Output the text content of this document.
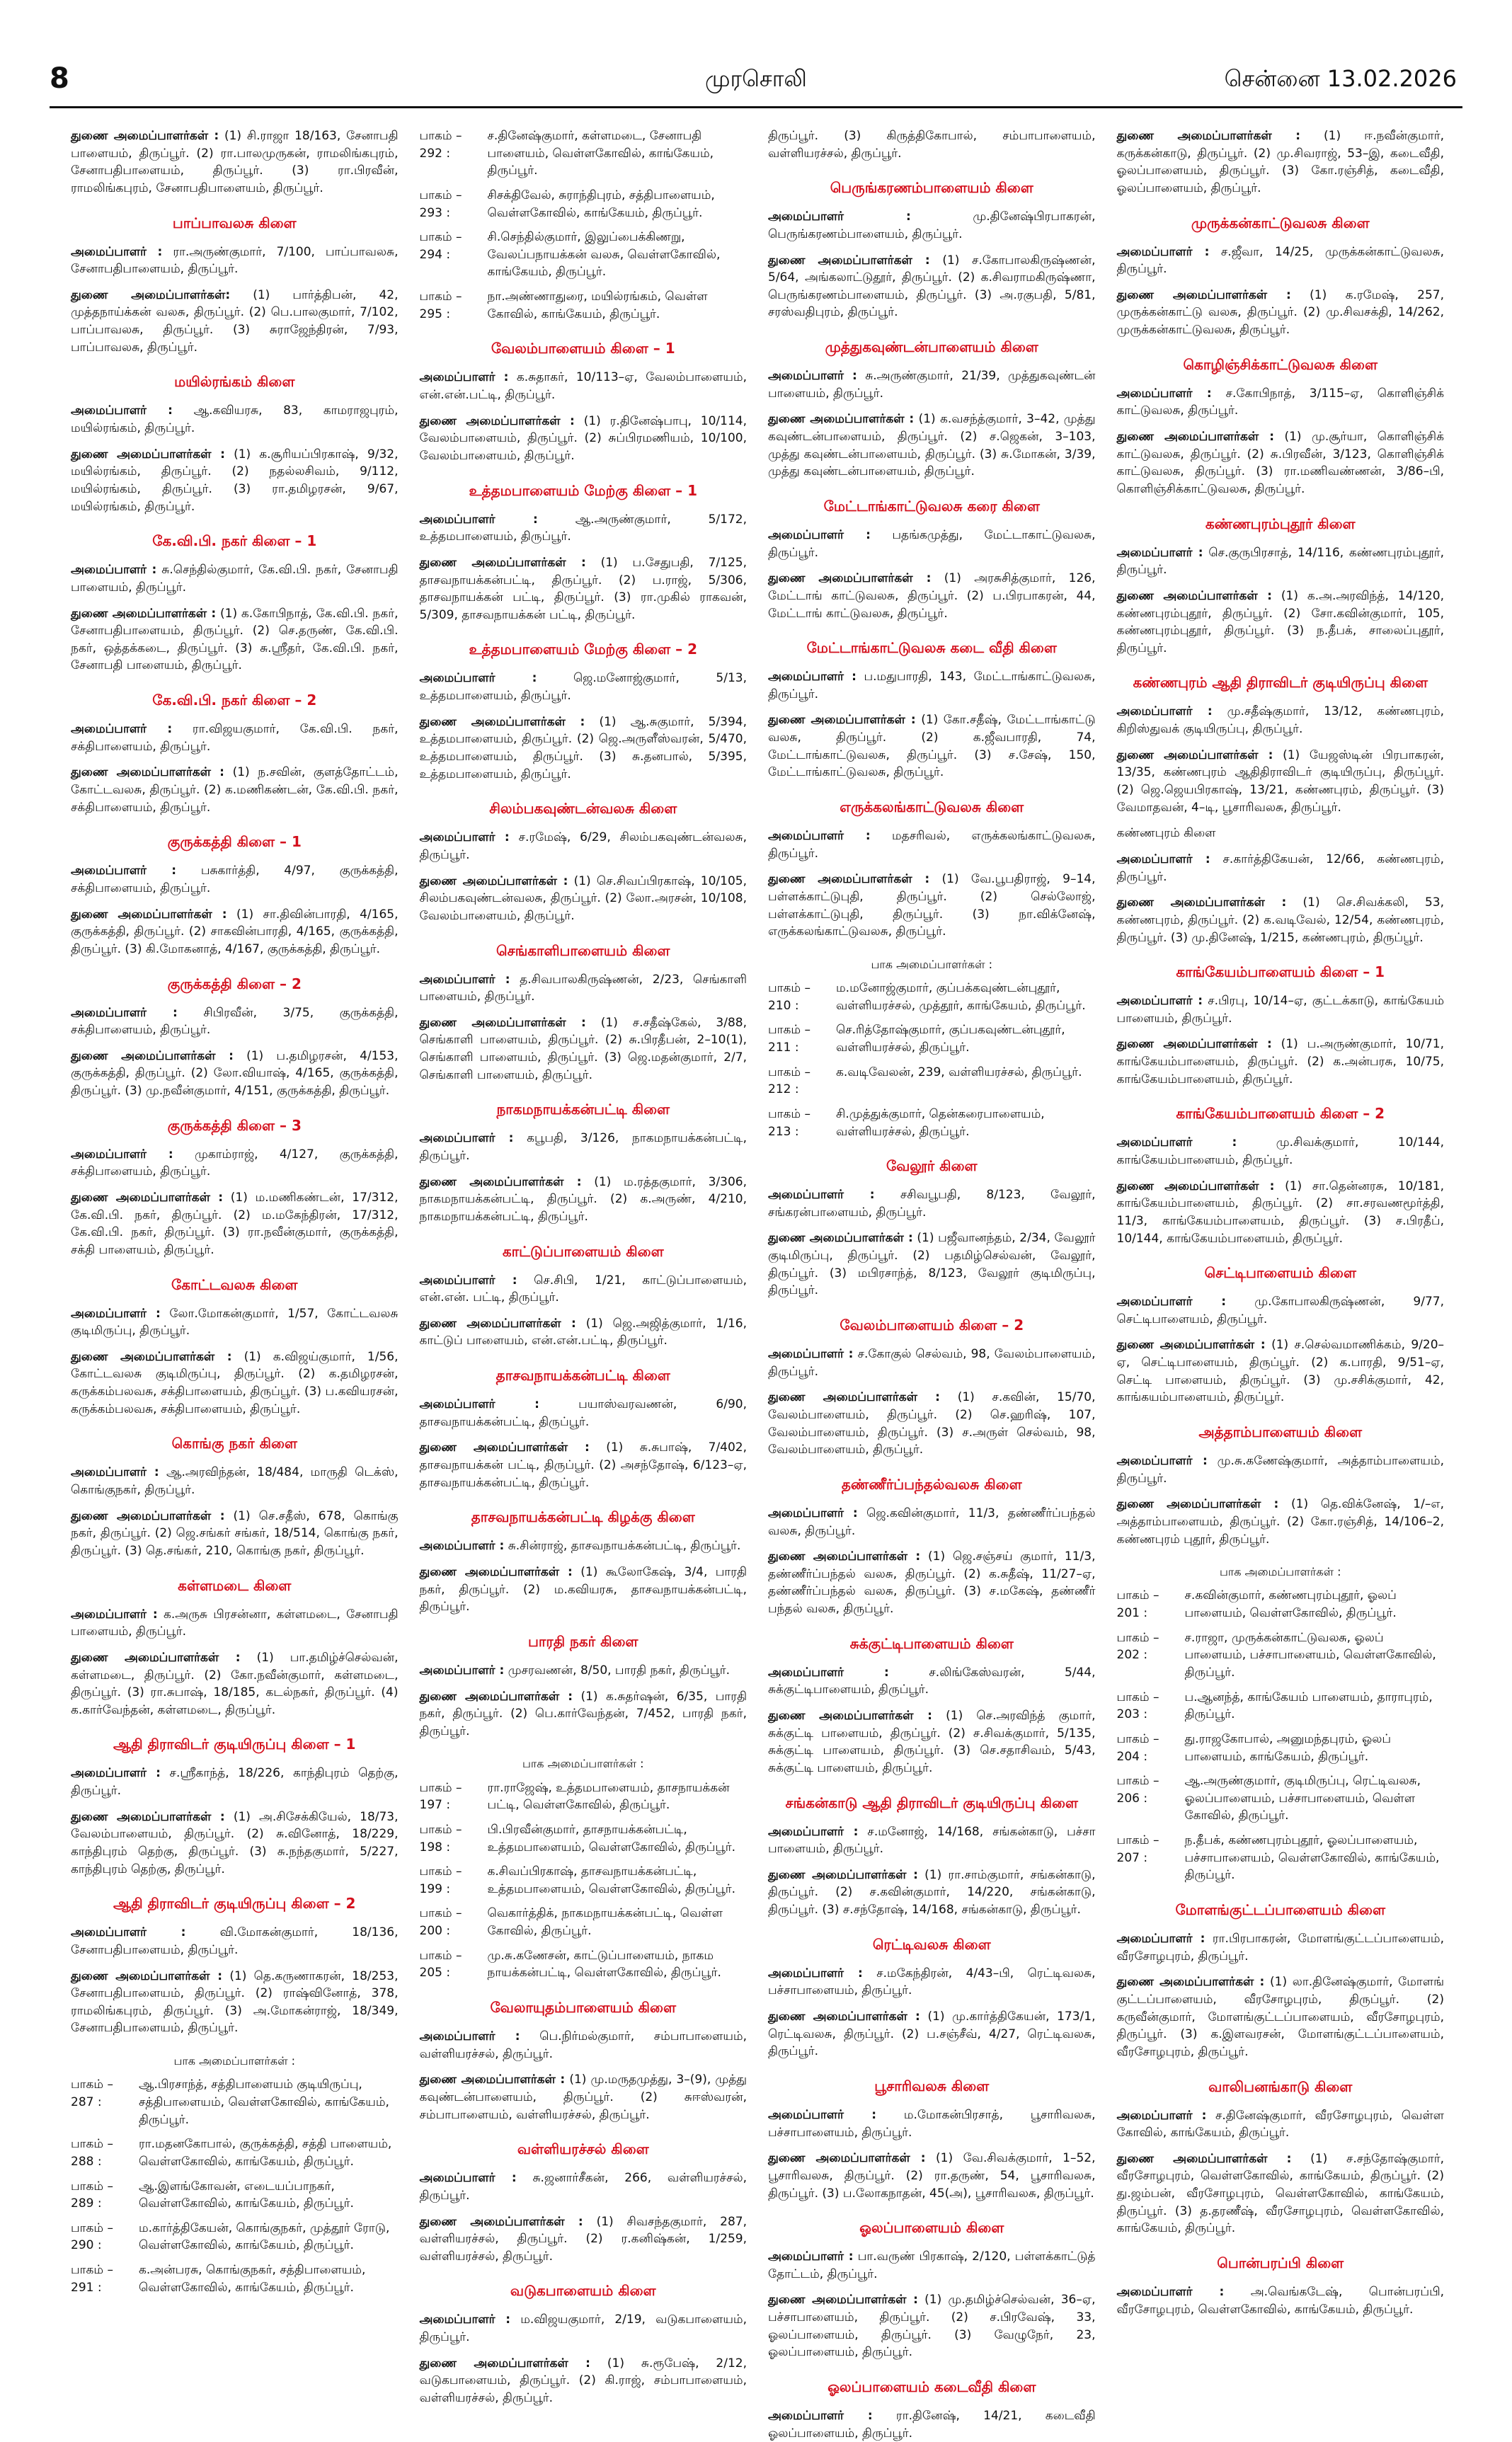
8	முரசொலி	சென்னை 13.02.2026
துணை அமைப்பாளர்கள் : (1) சி.ராஜா 18/163, சேனாபதி பாளையம், திருப்பூர். (2) ரா.பாலமுருகன், ராமலிங்கபுரம், சேனாபதிபாளையம், திருப்பூர். (3) ரா.பிரவீன், ராமலிங்கபுரம், சேனாபதிபாளையம், திருப்பூர்.
பாப்பாவலசு கிளை
அமைப்பாளர் : ரா.அருண்குமார், 7/100, பாப்பாவலசு, சேனாபதிபாளையம், திருப்பூர்.
துணை அமைப்பாளர்கள்: (1) பார்த்திபன், 42, முத்தநாய்க்கன் வலசு, திருப்பூர். (2) பெ.பாலகுமார், 7/102, பாப்பாவலசு, திருப்பூர். (3) சுராஜேந்திரன், 7/93, பாப்பாவலசு, திருப்பூர்.
மயில்ரங்கம் கிளை
அமைப்பாளர் : ஆ.கவியரசு, 83, காமராஜபுரம், மயில்ரங்கம், திருப்பூர்.
துணை அமைப்பாளர்கள் : (1) க.சூரியப்பிரகாஷ், 9/32, மயில்ரங்கம், திருப்பூர். (2) நதல்லசிவம், 9/112, மயில்ரங்கம், திருப்பூர். (3) ரா.தமிழரசன், 9/67, மயில்ரங்கம், திருப்பூர்.
கே.வி.பி. நகர் கிளை – 1
அமைப்பாளர் : சு.செந்தில்குமார், கே.வி.பி. நகர், சேனாபதி பாளையம், திருப்பூர்.
துணை அமைப்பாளர்கள் : (1) க.கோபிநாத், கே.வி.பி. நகர், சேனாபதிபாளையம், திருப்பூர். (2) செ.தருண், கே.வி.பி. நகர், ஒத்தக்கடை, திருப்பூர். (3) சு.ஸ்ரீதர், கே.வி.பி. நகர், சேனாபதி பாளையம், திருப்பூர்.
கே.வி.பி. நகர் கிளை – 2
அமைப்பாளர் : ரா.விஜயகுமார், கே.வி.பி. நகர், சக்திபாளையம், திருப்பூர்.
துணை அமைப்பாளர்கள் : (1) ந.சவின், குளத்தோட்டம், கோட்டவலசு, திருப்பூர். (2) க.மணிகண்டன், கே.வி.பி. நகர், சக்திபாளையம், திருப்பூர்.
குருக்கத்தி கிளை – 1
அமைப்பாளர் : பசுகார்த்தி, 4/97, குருக்கத்தி, சக்திபாளையம், திருப்பூர்.
துணை அமைப்பாளர்கள் : (1) சா.திவின்பாரதி, 4/165, குருக்கத்தி, திருப்பூர். (2) சாகவின்பாரதி, 4/165, குருக்கத்தி, திருப்பூர். (3) கி.மோகனாத், 4/167, குருக்கத்தி, திருப்பூர்.
குருக்கத்தி கிளை – 2
அமைப்பாளர் : சிபிரவீன், 3/75, குருக்கத்தி, சக்திபாளையம், திருப்பூர்.
துணை அமைப்பாளர்கள் : (1) ப.தமிழரசன், 4/153, குருக்கத்தி, திருப்பூர். (2) லோ.வியாஷ், 4/165, குருக்கத்தி, திருப்பூர். (3) மு.நவீன்குமார், 4/151, குருக்கத்தி, திருப்பூர்.
குருக்கத்தி கிளை – 3
அமைப்பாளர் : முகாம்ராஜ், 4/127, குருக்கத்தி, சக்திபாளையம், திருப்பூர்.
துணை அமைப்பாளர்கள் : (1) ம.மணிகண்டன், 17/312, கே.வி.பி. நகர், திருப்பூர். (2) ம.மகேந்திரன், 17/312, கே.வி.பி. நகர், திருப்பூர். (3) ரா.நவீன்குமார், குருக்கத்தி, சக்தி பாளையம், திருப்பூர்.
கோட்டவலசு கிளை
அமைப்பாளர் : லோ.மோகன்குமார், 1/57, கோட்டவலசு குடிமிருப்பு, திருப்பூர்.
துணை அமைப்பாளர்கள் : (1) க.விஜய்குமார், 1/56, கோட்டவலசு குடிமிருப்பு, திருப்பூர். (2) க.தமிழரசன், கருக்கம்பலவசு, சக்திபாளையம், திருப்பூர். (3) ப.கவியரசன், கருக்கம்பலவசு, சக்திபாளையம், திருப்பூர்.
கொங்கு நகர் கிளை
அமைப்பாளர் : ஆ.அரவிந்தன், 18/484, மாருதி டெக்ஸ், கொங்குநகர், திருப்பூர்.
துணை அமைப்பாளர்கள் : (1) செ.சதீஸ், 678, கொங்கு நகர், திருப்பூர். (2) ஜெ.சங்கர் சங்கர், 18/514, கொங்கு நகர், திருப்பூர். (3) தெ.சங்கர், 210, கொங்கு நகர், திருப்பூர்.
கள்ளமடை கிளை
அமைப்பாளர் : க.அருசு பிரசன்னா, கள்ளமடை, சேனாபதி பாளையம், திருப்பூர்.
துணை அமைப்பாளர்கள் : (1) பா.தமிழ்ச்செல்வன், கள்ளமடை, திருப்பூர். (2) கோ.நவீன்குமார், கள்ளமடை, திருப்பூர். (3) ரா.சுபாஷ், 18/185, கடல்நகர், திருப்பூர். (4) க.கார்வேந்தன், கள்ளமடை, திருப்பூர்.
ஆதி திராவிடர் குடியிருப்பு கிளை – 1
அமைப்பாளர் : ச.ஸ்ரீகாந்த், 18/226, காந்திபுரம் தெற்கு, திருப்பூர்.
துணை அமைப்பாளர்கள் : (1) அ.சிசேக்கியேல், 18/73, வேலம்பாளையம், திருப்பூர். (2) சு.வினோத், 18/229, காந்திபுரம் தெற்கு, திருப்பூர். (3) சு.நந்தகுமார், 5/227, காந்திபுரம் தெற்கு, திருப்பூர்.
ஆதி திராவிடர் குடியிருப்பு கிளை – 2
அமைப்பாளர் :	வி.மோகன்குமார், 18/136, சேனாபதிபாளையம், திருப்பூர்.
துணை அமைப்பாளர்கள் : (1) தெ.கருணாகரன், 18/253, சேனாபதிபாளையம், திருப்பூர். (2) ராஷ்வினோத், 378, ராமலிங்கபுரம், திருப்பூர். (3) அ.மோகன்ராஜ், 18/349, சேனாபதிபாளையம், திருப்பூர்.
பாக அமைப்பாளர்கள் :
பாகம் – 287 :
ஆ.பிரசாந்த், சத்திபாளையம் குடியிருப்பு, சத்திபாளையம், வெள்ளகோவில், காங்கேயம், திருப்பூர்.
பாகம் – 288 :
ரா.மதனகோபால், குருக்கத்தி, சத்தி பாளையம், வெள்ளகோவில், காங்கேயம், திருப்பூர்.
பாகம் – 289 :
ஆ.இளங்கோவன், எடையப்பாநகர், வெள்ளகோவில், காங்கேயம், திருப்பூர்.
பாகம் – 290 :
ம.கார்த்திகேயன், கொங்குநகர், முத்தூர் ரோடு, வெள்ளகோவில், காங்கேயம், திருப்பூர்.
பாகம் – 291 :
க.அன்பரசு, கொங்குநகர், சத்திபாளையம், வெள்ளகோவில், காங்கேயம், திருப்பூர்.
பாகம் – 292 :
ச.தினேஷ்குமார், கள்ளமடை, சேனாபதி பாளையம், வெள்ளகோவில், காங்கேயம், திருப்பூர்.
பாகம் – 293 :
சிசக்திவேல், சுராந்திபுரம், சத்திபாளையம், வெள்ளகோவில், காங்கேயம், திருப்பூர்.
பாகம் – 294 :
சி.செந்தில்குமார், இலுப்பைக்கிணறு, வேலப்பநாயக்கன் வலசு, வெள்ளகோவில், காங்கேயம், திருப்பூர்.
பாகம் – 295 :
நா.அண்ணாதுரை, மயில்ரங்கம், வெள்ள கோவில், காங்கேயம், திருப்பூர்.
வேலம்பாளையம் கிளை – 1
அமைப்பாளர் : க.சுதாகர், 10/113–ஏ, வேலம்பாளையம், என்.என்.பட்டி, திருப்பூர்.
துணை அமைப்பாளர்கள் : (1) ர.தினேஷ்பாபு, 10/114, வேலம்பாளையம், திருப்பூர். (2) சுப்பிரமணியம், 10/100, வேலம்பாளையம், திருப்பூர்.
உத்தமபாளையம் மேற்கு கிளை – 1
அமைப்பாளர் :	ஆ.அருண்குமார், 5/172, உத்தமபாளையம், திருப்பூர்.
துணை அமைப்பாளர்கள் : (1) ப.சேதுபதி, 7/125, தாசவநாயக்கன்பட்டி, திருப்பூர். (2) ப.ராஜ், 5/306, தாசவநாயக்கன் பட்டி, திருப்பூர். (3) ரா.முகில் ராகவன், 5/309, தாசவநாயக்கன் பட்டி, திருப்பூர்.
உத்தமபாளையம் மேற்கு கிளை – 2
அமைப்பாளர் :	ஜெ.மனோஜ்குமார், 5/13, உத்தமபாளையம், திருப்பூர்.
துணை அமைப்பாளர்கள் : (1) ஆ.சுகுமார், 5/394, உத்தமபாளையம், திருப்பூர். (2) ஜெ.அருளீஸ்வரன், 5/470, உத்தமபாளையம், திருப்பூர். (3) சு.தனபால், 5/395, உத்தமபாளையம், திருப்பூர்.
சிலம்பகவுண்டன்வலசு கிளை
அமைப்பாளர் : ச.ரமேஷ், 6/29, சிலம்பகவுண்டன்வலசு, திருப்பூர்.
துணை அமைப்பாளர்கள் : (1) செ.சிவப்பிரகாஷ், 10/105, சிலம்பகவுண்டன்வலசு, திருப்பூர். (2) லோ.அரசன், 10/108, வேலம்பாளையம், திருப்பூர்.
செங்காளிபாளையம் கிளை
அமைப்பாளர் : த.சிவபாலகிருஷ்ணன், 2/23, செங்காளி பாளையம், திருப்பூர்.
துணை அமைப்பாளர்கள் : (1) ச.சதீஷ்கேல், 3/88, செங்காளி பாளையம், திருப்பூர். (2) சு.பிரதீபன், 2–10(1), செங்காளி பாளையம், திருப்பூர். (3) ஜெ.மதன்குமார், 2/7, செங்காளி பாளையம், திருப்பூர்.
நாகமநாயக்கன்பட்டி கிளை
அமைப்பாளர் : கபூபதி, 3/126, நாகமநாயக்கன்பட்டி, திருப்பூர்.
துணை அமைப்பாளர்கள் : (1) ம.ரத்தகுமார், 3/306, நாகமநாயக்கன்பட்டி, திருப்பூர். (2) க.அருண், 4/210, நாகமநாயக்கன்பட்டி, திருப்பூர்.
காட்டுப்பாளையம் கிளை
அமைப்பாளர் : செ.சிபி, 1/21, காட்டுப்பாளையம், என்.என். பட்டி, திருப்பூர்.
துணை அமைப்பாளர்கள் : (1) ஜெ.அஜித்குமார், 1/16, காட்டுப் பாளையம், என்.என்.பட்டி, திருப்பூர்.
தாசவநாயக்கன்பட்டி கிளை
அமைப்பாளர் :	பயாஸ்வரவணன், 6/90, தாசவநாயக்கன்பட்டி, திருப்பூர்.
துணை அமைப்பாளர்கள் : (1) சு.சுபாஷ், 7/402, தாசவநாயக்கன் பட்டி, திருப்பூர். (2) அசந்தோஷ், 6/123–ஏ, தாசவநாயக்கன்பட்டி, திருப்பூர்.
தாசவநாயக்கன்பட்டி கிழக்கு கிளை
அமைப்பாளர் : சு.சின்ராஜ், தாசவநாயக்கன்பட்டி, திருப்பூர்.
துணை அமைப்பாளர்கள் : (1) கூலோகேஷ், 3/4, பாரதி நகர், திருப்பூர். (2) ம.கவியரசு, தாசவநாயக்கன்பட்டி, திருப்பூர்.
பாரதி நகர் கிளை
அமைப்பாளர் : முசரவணன், 8/50, பாரதி நகர், திருப்பூர்.
துணை அமைப்பாளர்கள் : (1) க.சுதர்ஷன், 6/35, பாரதி நகர், திருப்பூர். (2) பெ.கார்வேந்தன், 7/452, பாரதி நகர், திருப்பூர்.
பாக அமைப்பாளர்கள் :
பாகம் – 197 :
ரா.ராஜேஷ், உத்தமபாளையம், தாசநாயக்கன் பட்டி, வெள்ளகோவில், திருப்பூர்.
பாகம் – 198 :
பி.பிரவீன்குமார், தாசநாயக்கன்பட்டி, உத்தமபாளையம், வெள்ளகோவில், திருப்பூர்.
பாகம் – 199 :
க.சிவப்பிரகாஷ், தாசவநாயக்கன்பட்டி, உத்தமபாளையம், வெள்ளகோவில், திருப்பூர்.
பாகம் – 200 :
வெகார்த்திக், நாகமநாயக்கன்பட்டி, வெள்ள கோவில், திருப்பூர்.
பாகம் – 205 :
மு.சு.கணேசன், காட்டுப்பாளையம், நாகம நாயக்கன்பட்டி, வெள்ளகோவில், திருப்பூர்.
வேலாயுதம்பாளையம் கிளை
அமைப்பாளர் : பெ.நிர்மல்குமார், சம்பாபாளையம், வள்ளியரச்சல், திருப்பூர்.
துணை அமைப்பாளர்கள் : (1) மு.மருதமுத்து, 3–(9), முத்து கவுண்டன்பாளையம், திருப்பூர். (2) சுஈஸ்வரன், சம்பாபாளையம், வள்ளியரச்சல், திருப்பூர்.
வள்ளியரச்சல் கிளை
அமைப்பாளர் : சு.ஜனார்சீகன், 266, வள்ளியரச்சல், திருப்பூர்.
துணை அமைப்பாளர்கள் : (1) சிவசந்தகுமார், 287, வள்ளியரச்சல், திருப்பூர். (2) ர.கனிஷ்கன், 1/259, வள்ளியரச்சல், திருப்பூர்.
வடுகபாளையம் கிளை
அமைப்பாளர் : ம.விஜயகுமார், 2/19, வடுகபாளையம், திருப்பூர்.
துணை அமைப்பாளர்கள் : (1) சு.ரூபேஷ், 2/12, வடுகபாளையம், திருப்பூர். (2) கி.ராஜ், சம்பாபாளையம், வள்ளியரச்சல், திருப்பூர்.
திருப்பூர். (3) கிருத்திகோபால், சம்பாபாளையம், வள்ளியரச்சல், திருப்பூர்.
பெருங்கரணம்பாளையம் கிளை
அமைப்பாளர் :	மு.தினேஷ்பிரபாகரன், பெருங்கரணம்பாளையம், திருப்பூர்.
துணை அமைப்பாளர்கள் : (1) ச.கோபாலகிருஷ்ணன், 5/64, அங்கலாட்டுதூர், திருப்பூர். (2) க.சிவராமகிருஷ்ணா, பெருங்கரணம்பாளையம், திருப்பூர். (3) அ.ரகுபதி, 5/81, சரஸ்வதிபுரம், திருப்பூர்.
முத்துகவுண்டன்பாளையம் கிளை
அமைப்பாளர் : சு.அருண்குமார், 21/39, முத்துகவுண்டன் பாளையம், திருப்பூர்.
துணை அமைப்பாளர்கள் : (1) க.வசந்த்குமார், 3–42, முத்து கவுண்டன்பாளையம், திருப்பூர். (2) ச.ஜெகன், 3–103, முத்து கவுண்டன்பாளையம், திருப்பூர். (3) சு.மோகன், 3/39, முத்து கவுண்டன்பாளையம், திருப்பூர்.
மேட்டாங்காட்டுவலசு கரை கிளை
அமைப்பாளர் : பதங்கமுத்து, மேட்டாகாட்டுவலசு, திருப்பூர்.
துணை அமைப்பாளர்கள் : (1) அரசுசித்குமார், 126, மேட்டாங் காட்டுவலசு, திருப்பூர். (2) ப.பிரபாகரன், 44, மேட்டாங் காட்டுவலசு, திருப்பூர்.
மேட்டாங்காட்டுவலசு கடை வீதி கிளை
அமைப்பாளர் : ப.மதுபாரதி, 143, மேட்டாங்காட்டுவலசு, திருப்பூர்.
துணை அமைப்பாளர்கள் : (1) கோ.சதீஷ், மேட்டாங்காட்டு வலசு, திருப்பூர். (2) க.ஜீவபாரதி, 74, மேட்டாங்காட்டுவலசு, திருப்பூர். (3) ச.சேஷ், 150, மேட்டாங்காட்டுவலசு, திருப்பூர்.
எருக்கலங்காட்டுவலசு கிளை
அமைப்பாளர் : மதசரிவல், எருக்கலங்காட்டுவலசு, திருப்பூர்.
துணை அமைப்பாளர்கள் : (1) வே.பூபதிராஜ், 9–14, பள்ளக்காட்டுபுதி, திருப்பூர். (2) செல்லோஜ், பள்ளக்காட்டுபுதி, திருப்பூர். (3) நா.விக்னேஷ், எருக்கலங்காட்டுவலசு, திருப்பூர்.
பாக அமைப்பாளர்கள் :
பாகம் – 210 :
ம.மனோஜ்குமார், குப்பக்கவுண்டன்புதூர், வள்ளியரச்சல், முத்தூர், காங்கேயம், திருப்பூர்.
பாகம் – 211 :
செ.ரித்தோஷ்குமார், குப்பகவுண்டன்புதூர், வள்ளியரச்சல், திருப்பூர்.
பாகம் – 212 :
க.வடிவேலன், 239, வள்ளியரச்சல், திருப்பூர்.
பாகம் – 213 :
சி.முத்துக்குமார், தென்கரைபாளையம், வள்ளியரச்சல், திருப்பூர்.
வேலூர் கிளை
அமைப்பாளர் : சசிவபூபதி, 8/123, வேலூர், சங்கரன்பாளையம், திருப்பூர்.
துணை அமைப்பாளர்கள் : (1) பஜீவானந்தம், 2/34, வேலூர் குடிமிருப்பு, திருப்பூர். (2) பதமிழ்செல்வன், வேலூர், திருப்பூர். (3) மபிரசாந்த், 8/123, வேலூர் குடிமிருப்பு, திருப்பூர்.
வேலம்பாளையம் கிளை – 2
அமைப்பாளர் : ச.கோகுல் செல்வம், 98, வேலம்பாளையம், திருப்பூர்.
துணை அமைப்பாளர்கள் : (1) ச.கவின், 15/70, வேலம்பாளையம், திருப்பூர். (2) செ.ஹரிஷ், 107, வேலம்பாளையம், திருப்பூர். (3) ச.அருள் செல்வம், 98, வேலம்பாளையம், திருப்பூர்.
தண்ணீர்ப்பந்தல்வலசு கிளை
அமைப்பாளர் : ஜெ.கவின்குமார், 11/3, தண்ணீர்ப்பந்தல் வலசு, திருப்பூர்.
துணை அமைப்பாளர்கள் : (1) ஜெ.சஞ்சய் குமார், 11/3, தண்ணீர்ப்பந்தல் வலசு, திருப்பூர். (2) க.சுதீஷ், 11/27–ஏ, தண்ணீர்ப்பந்தல் வலசு, திருப்பூர். (3) ச.மகேஷ், தண்ணீர் பந்தல் வலசு, திருப்பூர்.
சுக்குட்டிபாளையம் கிளை
அமைப்பாளர் :	ச.லிங்கேஸ்வரன், 5/44, சுக்குட்டிபாளையம், திருப்பூர்.
துணை அமைப்பாளர்கள் : (1) செ.அரவிந்த் குமார், சுக்குட்டி பாளையம், திருப்பூர். (2) ச.சிவக்குமார், 5/135, சுக்குட்டி பாளையம், திருப்பூர். (3) செ.சதாசிவம், 5/43, சுக்குட்டி பாளையம், திருப்பூர்.
சங்கன்காடு ஆதி திராவிடர் குடியிருப்பு கிளை
அமைப்பாளர் : ச.மனோஜ், 14/168, சங்கன்காடு, பச்சா பாளையம், திருப்பூர்.
துணை அமைப்பாளர்கள் : (1) ரா.சாம்குமார், சங்கன்காடு, திருப்பூர். (2) ச.கவின்குமார், 14/220, சங்கன்காடு, திருப்பூர். (3) ச.சந்தோஷ், 14/168, சங்கன்காடு, திருப்பூர்.
ரெட்டிவலசு கிளை
அமைப்பாளர் : ச.மகேந்திரன், 4/43–பி, ரெட்டிவலசு, பச்சாபாளையம், திருப்பூர்.
துணை அமைப்பாளர்கள் : (1) மு.கார்த்திகேயன், 173/1, ரெட்டிவலசு, திருப்பூர். (2) ப.சஞ்சீவ், 4/27, ரெட்டிவலசு, திருப்பூர்.
பூசாரிவலசு கிளை
அமைப்பாளர் : ம.மோகன்பிரசாத், பூசாரிவலசு, பச்சாபாளையம், திருப்பூர்.
துணை அமைப்பாளர்கள் : (1) வே.சிவக்குமார், 1–52, பூசாரிவலசு, திருப்பூர். (2) ரா.தருண், 54, பூசாரிவலசு, திருப்பூர். (3) ப.லோகநாதன், 45(அ), பூசாரிவலசு, திருப்பூர்.
ஓலப்பாளையம் கிளை
அமைப்பாளர் : பா.வருண் பிரகாஷ், 2/120, பள்ளக்காட்டுத் தோட்டம், திருப்பூர்.
துணை அமைப்பாளர்கள் : (1) மு.தமிழ்ச்செல்வன், 36–ஏ, பச்சாபாளையம், திருப்பூர். (2) ச.பிரவேஷ், 33, ஓலப்பாளையம், திருப்பூர். (3) வேழுநேர், 23, ஓலப்பாளையம், திருப்பூர்.
ஓலப்பாளையம் கடைவீதி கிளை
அமைப்பாளர் : ரா.தினேஷ், 14/21, கடைவீதி ஓலப்பாளையம், திருப்பூர்.
துணை அமைப்பாளர்கள் : (1) ஈ.நவீன்குமார், கருக்கன்காடு, திருப்பூர். (2) மு.சிவராஜ், 53–இ, கடைவீதி, ஓலப்பாளையம், திருப்பூர். (3) கோ.ரஞ்சித், கடைவீதி, ஓலப்பாளையம், திருப்பூர்.
முருக்கன்காட்டுவலசு கிளை
அமைப்பாளர் : ச.ஜீவா, 14/25, முருக்கன்காட்டுவலசு, திருப்பூர்.
துணை அமைப்பாளர்கள் : (1) க.ரமேஷ், 257, முருக்கன்காட்டு வலசு, திருப்பூர். (2) மு.சிவசக்தி, 14/262, முருக்கன்காட்டுவலசு, திருப்பூர்.
கொழிஞ்சிக்காட்டுவலசு கிளை
அமைப்பாளர் : ச.கோபிநாத், 3/115–ஏ, கொளிஞ்சிக் காட்டுவலசு, திருப்பூர்.
துணை அமைப்பாளர்கள் : (1) மு.சூர்யா, கொளிஞ்சிக் காட்டுவலசு, திருப்பூர். (2) சு.பிரவீன், 3/123, கொளிஞ்சிக் காட்டுவலசு, திருப்பூர். (3) ரா.மணிவண்ணன், 3/86–பி, கொளிஞ்சிக்காட்டுவலசு, திருப்பூர்.
கண்ணபுரம்புதூர் கிளை
அமைப்பாளர் : செ.குருபிரசாத், 14/116, கண்ணபுரம்புதூர், திருப்பூர்.
துணை அமைப்பாளர்கள் : (1) க.அ.அரவிந்த், 14/120, கண்ணபுரம்புதூர், திருப்பூர். (2) சோ.கவின்குமார், 105, கண்ணபுரம்புதூர், திருப்பூர். (3) ந.தீபக், சாலைப்புதூர், திருப்பூர்.
கண்ணபுரம் ஆதி திராவிடர் குடியிருப்பு கிளை
அமைப்பாளர் : மு.சதீஷ்குமார், 13/12, கண்ணபுரம், கிறிஸ்துவக் குடியிருப்பு, திருப்பூர்.
துணை அமைப்பாளர்கள் : (1) யேஜஸ்டின் பிரபாகரன், 13/35, கண்ணபுரம் ஆதிதிராவிடர் குடியிருப்பு, திருப்பூர். (2) ஜெ.ஜெயபிரகாஷ், 13/21, கண்ணபுரம், திருப்பூர். (3) வேமாதவன், 4–டி, பூசாரிவலசு, திருப்பூர்.
கண்ணபுரம் கிளை
அமைப்பாளர் : ச.கார்த்திகேயன், 12/66, கண்ணபுரம், திருப்பூர்.
துணை அமைப்பாளர்கள் : (1) செ.சிவக்கலி, 53, கண்ணபுரம், திருப்பூர். (2) க.வடிவேல், 12/54, கண்ணபுரம், திருப்பூர். (3) மு.தினேஷ், 1/215, கண்ணபுரம், திருப்பூர்.
காங்கேயம்பாளையம் கிளை – 1
அமைப்பாளர் : ச.பிரபு, 10/14–ஏ, குட்டக்காடு, காங்கேயம் பாளையம், திருப்பூர்.
துணை அமைப்பாளர்கள் : (1) ப.அருண்குமார், 10/71, காங்கேயம்பாளையம், திருப்பூர். (2) க.அன்பரசு, 10/75, காங்கேயம்பாளையம், திருப்பூர்.
காங்கேயம்பாளையம் கிளை – 2
அமைப்பாளர் :	மு.சிவக்குமார், 10/144, காங்கேயம்பாளையம், திருப்பூர்.
துணை அமைப்பாளர்கள் : (1) சா.தென்னரசு, 10/181, காங்கேயம்பாளையம், திருப்பூர். (2) சா.சரவணமூர்த்தி, 11/3, காங்கேயம்பாளையம், திருப்பூர். (3) ச.பிரதீப், 10/144, காங்கேயம்பாளையம், திருப்பூர்.
செட்டிபாளையம் கிளை
அமைப்பாளர் : மு.கோபாலகிருஷ்ணன், 9/77, செட்டிபாளையம், திருப்பூர்.
துணை அமைப்பாளர்கள் : (1) ச.செல்வமாணிக்கம், 9/20–ஏ, செட்டிபாளையம், திருப்பூர். (2) க.பாரதி, 9/51–ஏ, செட்டி பாளையம், திருப்பூர். (3) மு.சசிக்குமார், 42, காங்கயம்பாளையம், திருப்பூர்.
அத்தாம்பாளையம் கிளை
அமைப்பாளர் : மு.சு.கணேஷ்குமார், அத்தாம்பாளையம், திருப்பூர்.
துணை அமைப்பாளர்கள் : (1) தெ.விக்னேஷ், 1/–எ, அத்தாம்பாளையம், திருப்பூர். (2) கோ.ரஞ்சித், 14/106–2, கண்ணபுரம் புதூர், திருப்பூர்.
பாக அமைப்பாளர்கள் :
பாகம் – 201 :
ச.கவின்குமார், கண்ணபுரம்புதூர், ஓலப் பாளையம், வெள்ளகோவில், திருப்பூர்.
பாகம் – 202 :
ச.ராஜா, முருக்கன்காட்டுவலசு, ஓலப் பாளையம், பச்சாபாளையம், வெள்ளகோவில், திருப்பூர்.
பாகம் – 203 :
ப.ஆனந்த், காங்கேயம் பாளையம், தாராபுரம், திருப்பூர்.
பாகம் – 204 :
து.ராஜகோபால், அனுமந்தபுரம், ஓலப் பாளையம், காங்கேயம், திருப்பூர்.
பாகம் – 206 :
ஆ.அருண்குமார், குடிமிருப்பு, ரெட்டிவலசு, ஓலப்பாளையம், பச்சாபாளையம், வெள்ள கோவில், திருப்பூர்.
பாகம் – 207 :
ந.தீபக், கண்ணபுரம்புதூர், ஓலப்பாளையம், பச்சாபாளையம், வெள்ளகோவில், காங்கேயம், திருப்பூர்.
மோளங்குட்டப்பாளையம் கிளை
அமைப்பாளர் : ரா.பிரபாகரன், மோளங்குட்டப்பாளையம், வீரசோழபுரம், திருப்பூர்.
துணை அமைப்பாளர்கள் : (1) லா.தினேஷ்குமார், மோளங் குட்டப்பாளையம், வீரசோழபுரம், திருப்பூர். (2) கருவீன்குமார், மோளங்குட்டப்பாளையம், வீரசோழபுரம், திருப்பூர். (3) க.இளவரசன், மோளங்குட்டப்பாளையம், வீரசோழபுரம், திருப்பூர்.
வாலிபனங்காடு கிளை
அமைப்பாளர் : ச.தினேஷ்குமார், வீரசோழபுரம், வெள்ள கோவில், காங்கேயம், திருப்பூர்.
துணை அமைப்பாளர்கள் : (1) ச.சந்தோஷ்குமார், வீரசோழபுரம், வெள்ளகோவில், காங்கேயம், திருப்பூர். (2) து.ஜம்பன், வீரசோழபுரம், வெள்ளகோவில், காங்கேயம், திருப்பூர். (3) த.தரணீஷ், வீரசோழபுரம், வெள்ளகோவில், காங்கேயம், திருப்பூர்.
பொன்பரப்பி கிளை
அமைப்பாளர் : அ.வெங்கடேஷ், பொன்பரப்பி, வீரசோழபுரம், வெள்ளகோவில், காங்கேயம், திருப்பூர்.
